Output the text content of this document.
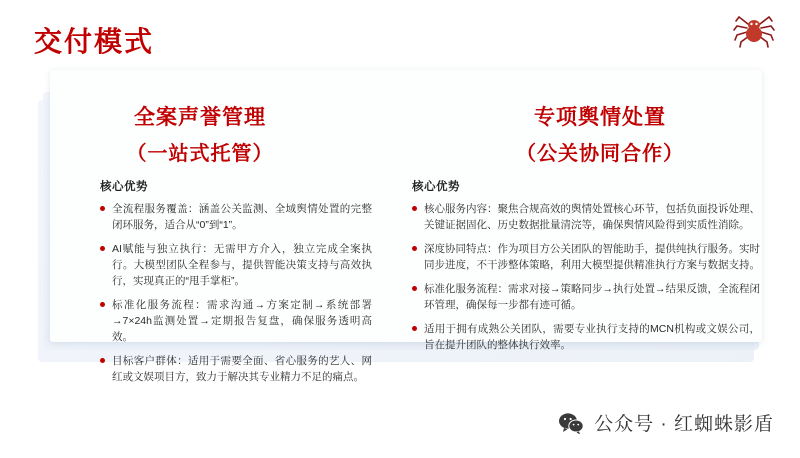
交付模式
全案声誉管理
（一站式托管）
专项舆情处置
（公关协同合作）
核心优势
全流程服务覆盖：涵盖公关监测、全域舆情处置的完整闭环服务，适合从“0”到“1”。
AI赋能与独立执行：无需甲方介入，独立完成全案执行。大模型团队全程参与，提供智能决策支持与高效执行，实现真正的“甩手掌柜”。
标准化服务流程：需求沟通→方案定制→系统部署→7×24h监测处置→定期报告复盘，确保服务透明高效。
目标客户群体：适用于需要全面、省心服务的艺人、网红或文娱项目方，致力于解决其专业精力不足的痛点。
核心优势
核心服务内容：聚焦合规高效的舆情处置核心环节，包括负面投诉处理、关键证据固化、历史数据批量清浣等，确保舆情风险得到实质性消除。
深度协同特点：作为项目方公关团队的智能助手，提供纯执行服务。实时同步进度，不干涉整体策略，利用大模型提供精准执行方案与数据支持。
标准化服务流程：需求对接→策略同步→执行处置→结果反馈，全流程闭环管理，确保每一步都有迹可循。
适用于拥有成熟公关团队，需要专业执行支持的MCN机构或文娱公司，旨在提升团队的整体执行效率。
公众号 · 红蜘蛛影盾
